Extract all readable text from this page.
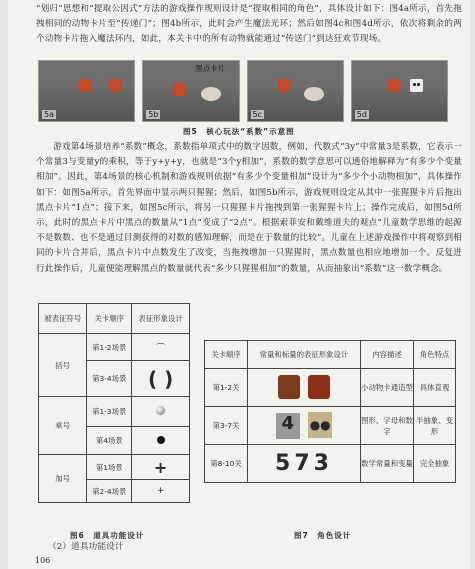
“划归”思想和“提取公因式”方法的游戏操作规则设计是“提取相同的角色”，具体设计如下：图4a所示，首先拖拽相同的动物卡片至“传递门”；图4b所示，此时会产生魔法光环；然后如图4c和图4d所示，依次将剩余的两个动物卡片拖入魔法环内，如此，本关卡中的所有动物就能通过“传送门”到达狂欢节现场。

5a
黑点卡片
5b	5c	5d
图5　核心玩法“系数”示意图

游戏第4场景培养“系数”概念，系数指单项式中的数字因数，例如，代数式“3y”中常量3是系数，它表示一个常量3与变量y的乘积，等于y+y+y，也就是“3个y相加”，系数的数学意思可以通俗地解释为“有多少个变量相加”。因此，第4场景的核心机制和游戏规则依据“有多少个变量相加”设计为“多少个小动物相加”，具体操作如下：如图5a所示，首先界面中显示两只猩猩；然后，如图5b所示，游戏规则设定从其中一张猩猩卡片后拖出黑点卡片“1点”；接下来，如图5c所示，将另一只猩猩卡片拖拽到第一张猩猩卡片上；操作完成后，如图5d所示，此时的黑点卡片中黑点的数量从“1点”变成了“2点”。根据索菲安和戴维道夫的观点“儿童数学思维的起源不是数数、也不是通过目测获得的对数的感知理解，而是在于数量的比较”。儿童在上述游戏操作中将观察到相同的卡片合并后，黑点卡片中点数发生了改变，当拖拽增加一只猩猩时，黑点数量也相应地增加一个。反复进行此操作后，儿童便能理解黑点的数量就代表“多少只猩猩相加”的数量，从而抽象出“系数”这一数学概念。

被表征符号	关卡顺序	表征形象设计
括号	第1-2场景	⌒
	第3-4场景	( )
乘号	第1-3场景	
	第4场景	
加号	第1场景	+
	第2-4场景	+
图6　道具功能设计
关卡顺序	常量和标量的表征形象设计	内容描述	角色特点
第1-2关		小动物卡通造型	具体直观
第3-7关	4 ●●	图形、字母和数字	半抽象、变形
第8-10关	573	数学常量和变量	完全抽象
图7　角色设计
（2）道具功能设计
106
